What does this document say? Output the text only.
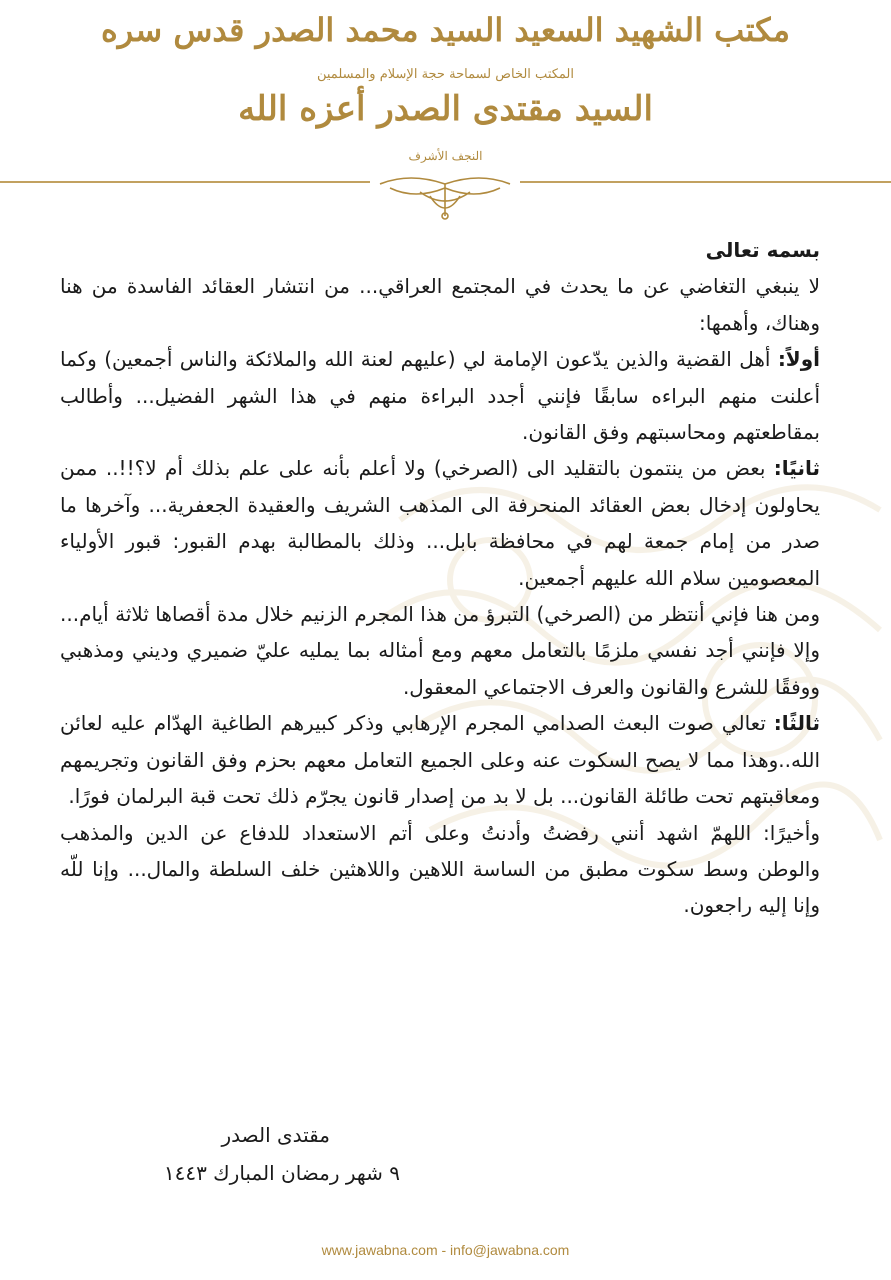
مكتب الشهيد السعيد السيد محمد الصدر قدس سره
المكتب الخاص لسماحة حجة الإسلام والمسلمين
السيد مقتدى الصدر أعزه الله
النجف الأشرف

بسمه تعالى

لا ينبغي التغاضي عن ما يحدث في المجتمع العراقي... من انتشار العقائد الفاسدة من هنا وهناك، وأهمها:

أولاً: أهل القضية والذين يدّعون الإمامة لي (عليهم لعنة الله والملائكة والناس أجمعين) وكما أعلنت منهم البراءه سابقًا فإنني أجدد البراءة منهم في هذا الشهر الفضيل... وأطالب بمقاطعتهم ومحاسبتهم وفق القانون.

ثانيًا: بعض من ينتمون بالتقليد الى (الصرخي) ولا أعلم بأنه على علم بذلك أم لا؟!!.. ممن يحاولون إدخال بعض العقائد المنحرفة الى المذهب الشريف والعقيدة الجعفرية... وآخرها ما صدر من إمام جمعة لهم في محافظة بابل... وذلك بالمطالبة بهدم القبور: قبور الأولياء المعصومين سلام الله عليهم أجمعين.

ومن هنا فإني أنتظر من (الصرخي) التبرؤ من هذا المجرم الزنيم خلال مدة أقصاها ثلاثة أيام... وإلا فإنني أجد نفسي ملزمًا بالتعامل معهم ومع أمثاله بما يمليه عليّ ضميري وديني ومذهبي ووفقًا للشرع والقانون والعرف الاجتماعي المعقول.

ثالثًا: تعالي صوت البعث الصدامي المجرم الإرهابي وذكر كبيرهم الطاغية الهدّام عليه لعائن الله..وهذا مما لا يصح السكوت عنه وعلى الجميع التعامل معهم بحزم وفق القانون وتجريمهم ومعاقبتهم تحت طائلة القانون... بل لا بد من إصدار قانون يجرّم ذلك تحت قبة البرلمان فورًا.

وأخيرًا: اللهمّ اشهد أنني رفضتُ وأدنتُ وعلى أتم الاستعداد للدفاع عن الدين والمذهب والوطن وسط سكوت مطبق من الساسة اللاهين واللاهثين خلف السلطة والمال... وإنا للّه وإنا إليه راجعون.

مقتدى الصدر
٩ شهر رمضان المبارك ١٤٤٣
www.jawabna.com - info@jawabna.com
